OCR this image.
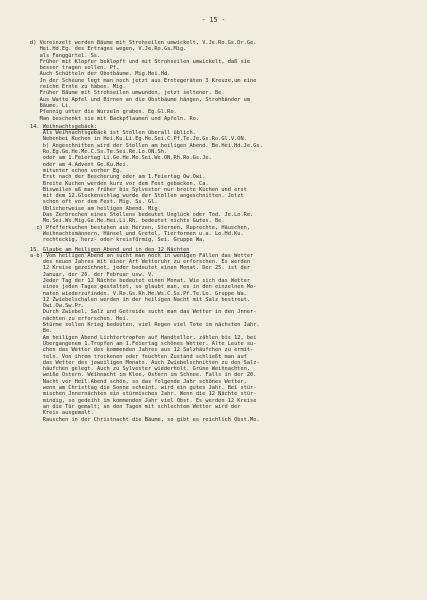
- 15 -
d) Vereinzelt werden Bäume mit Strohseilen umwickelt, V.Je.Ro.Gs.Dr.Ge.
Hei.Hd.Eg. des Ertrages wegen, V.Je.Ro.Gs.Mig.
als Fanggürtel. Ss.
Früher mit Klopfer beklopft und mit Strohseilen umwickelt, daß sie
besser tragen sollen. Pf.
Auch Schütteln der Obstbäume. Mig.Hei.Hd.
Jn der Scheune legt man noch jetzt aus Erntegeräten 3 Kreuze,um eine
reiche Ernte zu haben. Mig.
Früher Bäume mit Strohseilen umwunden, jetzt seltener. Be.
Aus Watte Äpfel und Birnen an die Obstbäume hängen, Strohbänder um
Bäume. Li.
Pfennig unter die Wurzeln graben. Eg.Gl.Ro.
Man beschenkt sie mit Backpflaumen und Äpfeln. Ro.
14. Weihnachtsgebäck:
Als Weihnachtsgebäck ist Stollen überall üblich.
Nebenbei Kuchen in Hei.Ku.Li.Eg.He.Sei.C.Pf.Te.Je.Gs.Ro.Gl.V.ON.
b) Angeschnitten wird der Stollen am heiligen Abend. Be.Hei.Hd.Je.Gs.
Ro.Eg.Ge.He.Me.C.Ss.Te.Sei.Re.Lo.ON.Sh.
oder am 1.Feiertag Li.Ge.He.Me.Sei.Ws.ON.Rh.Ro.Gs.Je.
oder am 4.Advent Ge.Ku.Hei.
mitunter schon vorher Eg.
Erst nach der Bescherung oder am 1.Feiertag Ow.Owi.
Breite Kuchen werden kurz vor dem Fest gebacken. Ca.
Bisweilen aß man früher bis Sylvester nur breite Kuchen und erst
mit dem 12.Glockenschlag wurde der Stollen angeschnitten. Jetzt
schon oft vor dem Fest. Mig. Ss. Gl.
Üblicherweise am heiligen Abend. Mig.
Das Zerbrechen eines Stollens bedeutet Unglück oder Tod. Je.Lo.Re.
Me.Sei.Ws.Mig.Ge.He.Hei.Li.Rh. bedeutet nichts Gutes. Be.
c) Pfefferkuchen bestehen aus Herzen, Sternen, Ruprechte, Häuschen,
Weihnachtsmännern, Hänsel und Gretel, Tierformen u.a. Lo.Hd.Ku.
rechteckig, herz- oder kreisförmig, Sei. Gruppe Wa.
15. Glaube am Heiligen Abend und in den 12 Nächten
a-b) Vom heiligen Abend an sucht man noch in wenigen Fällen das Wetter
des neuen Jahres mit einer Art Wetteruhr zu erforschen. Es werden
12 Kreise gezeichnet, jeder bedeutet einen Monat. Der 25. ist der
Januar, der 26. der Februar usw. V.
Jeder Tag der 12 Nächte bedeutet einen Monat. Wie sich das Wetter
eines jeden Tages gestaltet, so glaubt man, es in den einzelnen Mo-
naten wiederzufinden. V.Ro.Gs.Rh.He.Ws.C.Ss.Pf.Te.Lo. Gruppe Wa.
12 Zwiebelschalen werden in der heiligen Nacht mit Salz bestreut.
Owi.Ow.Sw.Pr.
Durch Zwiebel, Salz und Getreide sucht man das Wetter in den Jnner-
nächten zu erforschen. Hei.
Stürme sollen Krieg bedeuten, viel Regen viel Tote im nächsten Jahr.
Be.
Am heiligen Abend Lichtertropfen auf Handteller, zählen bis 12, bei
Übergangenem 1.Tropfen am 1.Feiertag schönes Wetter. Alte Leute su-
chen das Wetter des kommenden Jahres aus 12 Salzhäufchen zu ermit-
teln. Von ihrem trockenen oder feuchten Zustand schließt man auf
das Wetter des jeweiligen Monats. Auch Zwiebelschnitten zu den Salz-
häufchen gelegt. Auch zu Sylvester wiederholt. Grüne Weihnachten,
weiße Ostern. Weihnacht im Klee, Ostern im Schnee. Falls in der 20.
Nacht vor Heil.Abend schön, so das folgende Jahr schönes Wetter,
wenn am Christtag die Sonne scheint, wird ein gutes Jahr. Bei stür-
mischen Jnnernächten ein stürmisches Jahr. Wenn die 12 Nächte stür-
mindig, so gedeiht im kommenden Jahr viel Obst. Es werden 12 Kreise
an die Tür gemalt; an den Tagen mit schlechtem Wetter wird der
Kreis ausgemalt.
Rauschen in der Christnacht die Bäume, so gibt es reichlich Obst.Me.
